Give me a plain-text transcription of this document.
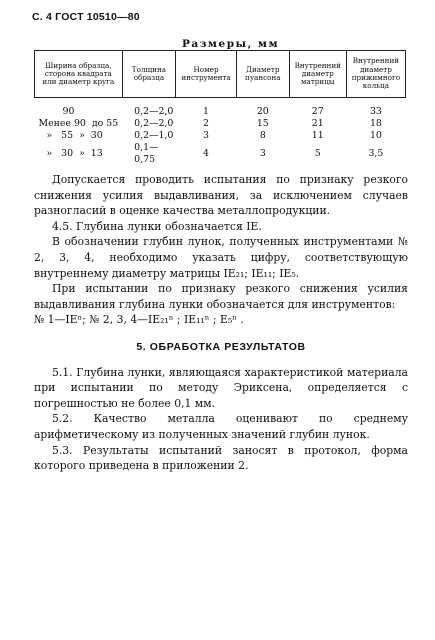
С. 4 ГОСТ 10510—80
Размеры, мм
Ширина образца, сторона квадрата или диаметр круга	Толщина образца	Номер инструмента	Диаметр пуансона	Внутренний диаметр матрицы	Внутренний диаметр прижимного кольца
90	0,2—2,0	1	20	27	33
Менее 90  до 55	0,2—2,0	2	15	21	18
»   55  »  30	0,2—1,0	3	8	11	10
»   30  »  13	0,1—0,75	4	3	5	3,5

Допускается проводить испытания по признаку резкого снижения усилия выдавливания, за исключением случаев разногласий в оценке качества металлопродукции.

4.5. Глубина лунки обозначается IE.

В обозначении глубин лунок, полученных инструментами № 2, 3, 4, необходимо указать цифру, соответствующую внутреннему диаметру матрицы IE₂₁; IE₁₁; IE₅.

При испытании по признаку резкого снижения усилия выдавливания глубина лунки обозначается для инструментов:

№ 1—IEⁿ; № 2, 3, 4—IE₂₁ⁿ ; IE₁₁ⁿ ; E₅ⁿ .

5. ОБРАБОТКА РЕЗУЛЬТАТОВ

5.1. Глубина лунки, являющаяся характеристикой материала при испытании по методу Эриксена, определяется с погрешностью не более 0,1 мм.

5.2. Качество металла оценивают по среднему арифметическому из полученных значений глубин лунок.

5.3. Результаты испытаний заносят в протокол, форма которого приведена в приложении 2.
